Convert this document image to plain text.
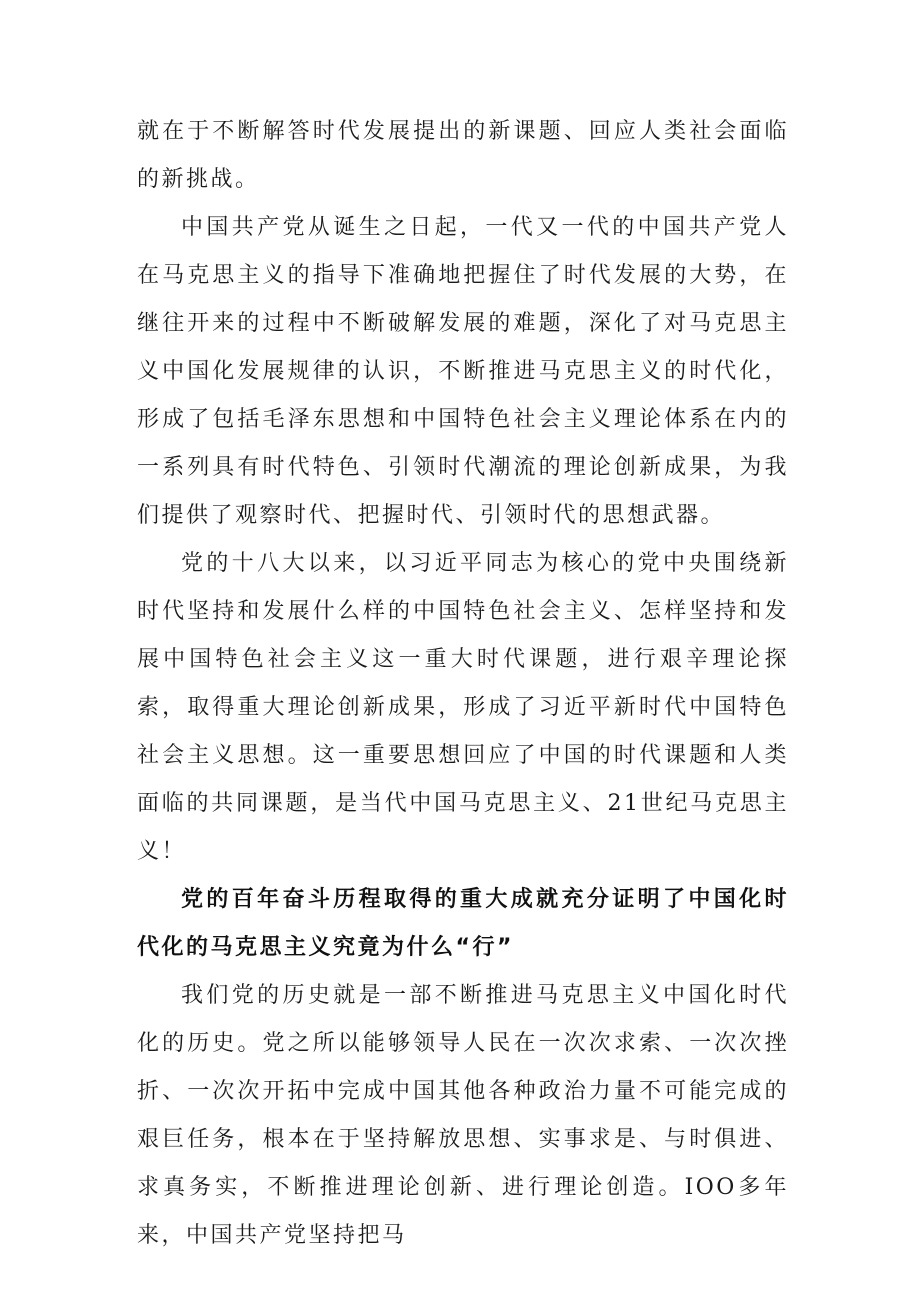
就在于不断解答时代发展提出的新课题、回应人类社会面临的新挑战。

中国共产党从诞生之日起，一代又一代的中国共产党人在马克思主义的指导下准确地把握住了时代发展的大势，在继往开来的过程中不断破解发展的难题，深化了对马克思主义中国化发展规律的认识，不断推进马克思主义的时代化，形成了包括毛泽东思想和中国特色社会主义理论体系在内的一系列具有时代特色、引领时代潮流的理论创新成果，为我们提供了观察时代、把握时代、引领时代的思想武器。

党的十八大以来，以习近平同志为核心的党中央围绕新时代坚持和发展什么样的中国特色社会主义、怎样坚持和发展中国特色社会主义这一重大时代课题，进行艰辛理论探索，取得重大理论创新成果，形成了习近平新时代中国特色社会主义思想。这一重要思想回应了中国的时代课题和人类面临的共同课题，是当代中国马克思主义、21世纪马克思主义！

党的百年奋斗历程取得的重大成就充分证明了中国化时代化的马克思主义究竟为什么“行”

我们党的历史就是一部不断推进马克思主义中国化时代化的历史。党之所以能够领导人民在一次次求索、一次次挫折、一次次开拓中完成中国其他各种政治力量不可能完成的艰巨任务，根本在于坚持解放思想、实事求是、与时俱进、求真务实，不断推进理论创新、进行理论创造。IOO多年来，中国共产党坚持把马
